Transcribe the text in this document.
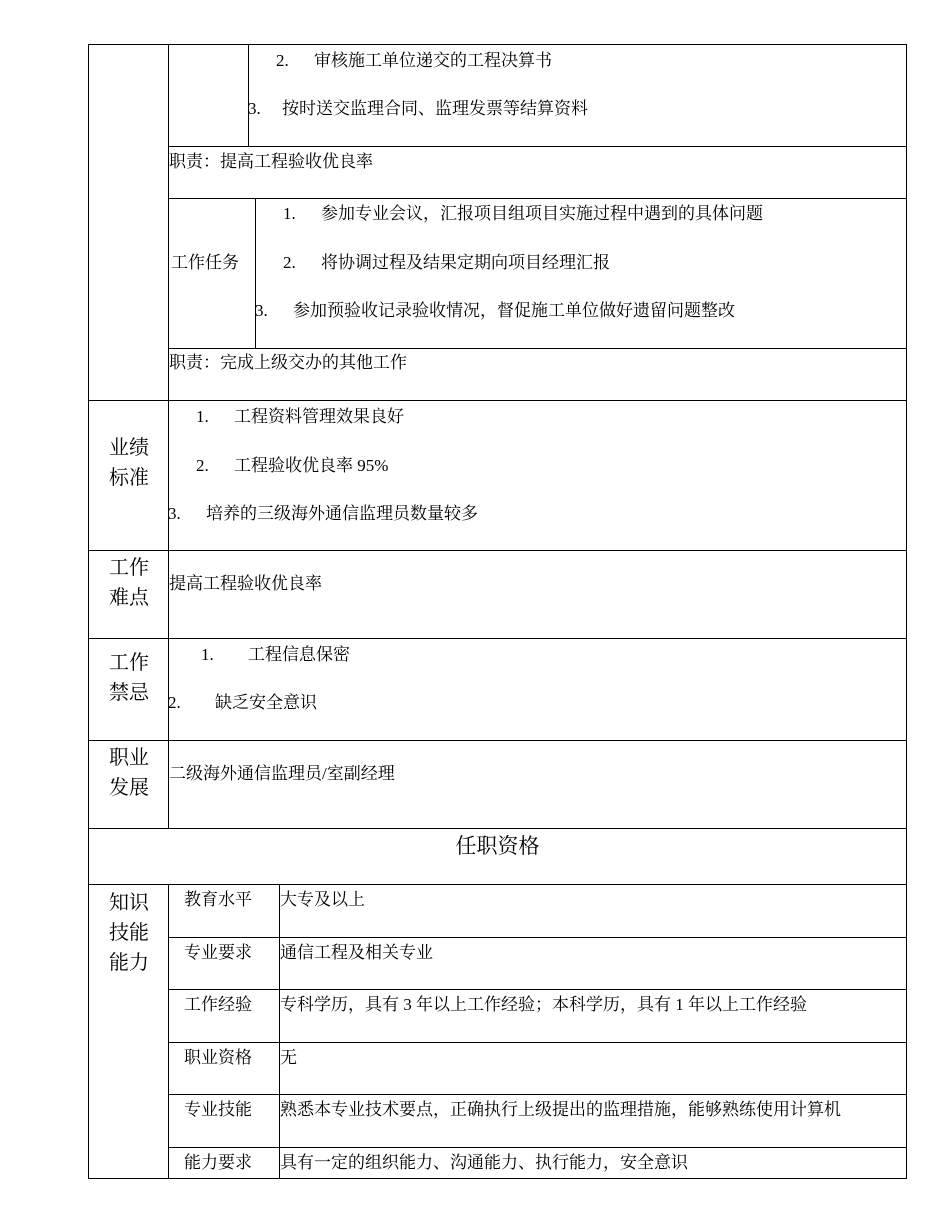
2. 审核施工单位递交的工程决算书
3. 按时送交监理合同、监理发票等结算资料
职责：提高工程验收优良率
工作任务
1. 参加专业会议，汇报项目组项目实施过程中遇到的具体问题
2. 将协调过程及结果定期向项目经理汇报
3. 参加预验收记录验收情况，督促施工单位做好遗留问题整改
职责：完成上级交办的其他工作
业绩
标准
1. 工程资料管理效果良好
2. 工程验收优良率 95%
3. 培养的三级海外通信监理员数量较多
工作
难点
提高工程验收优良率
工作
禁忌
1. 工程信息保密
2. 缺乏安全意识
职业
发展
二级海外通信监理员/室副经理
任职资格
知识
技能
能力
教育水平 大专及以上
专业要求 通信工程及相关专业
工作经验 专科学历，具有 3 年以上工作经验；本科学历，具有 1 年以上工作经验
职业资格 无
专业技能 熟悉本专业技术要点，正确执行上级提出的监理措施，能够熟练使用计算机
能力要求 具有一定的组织能力、沟通能力、执行能力，安全意识
